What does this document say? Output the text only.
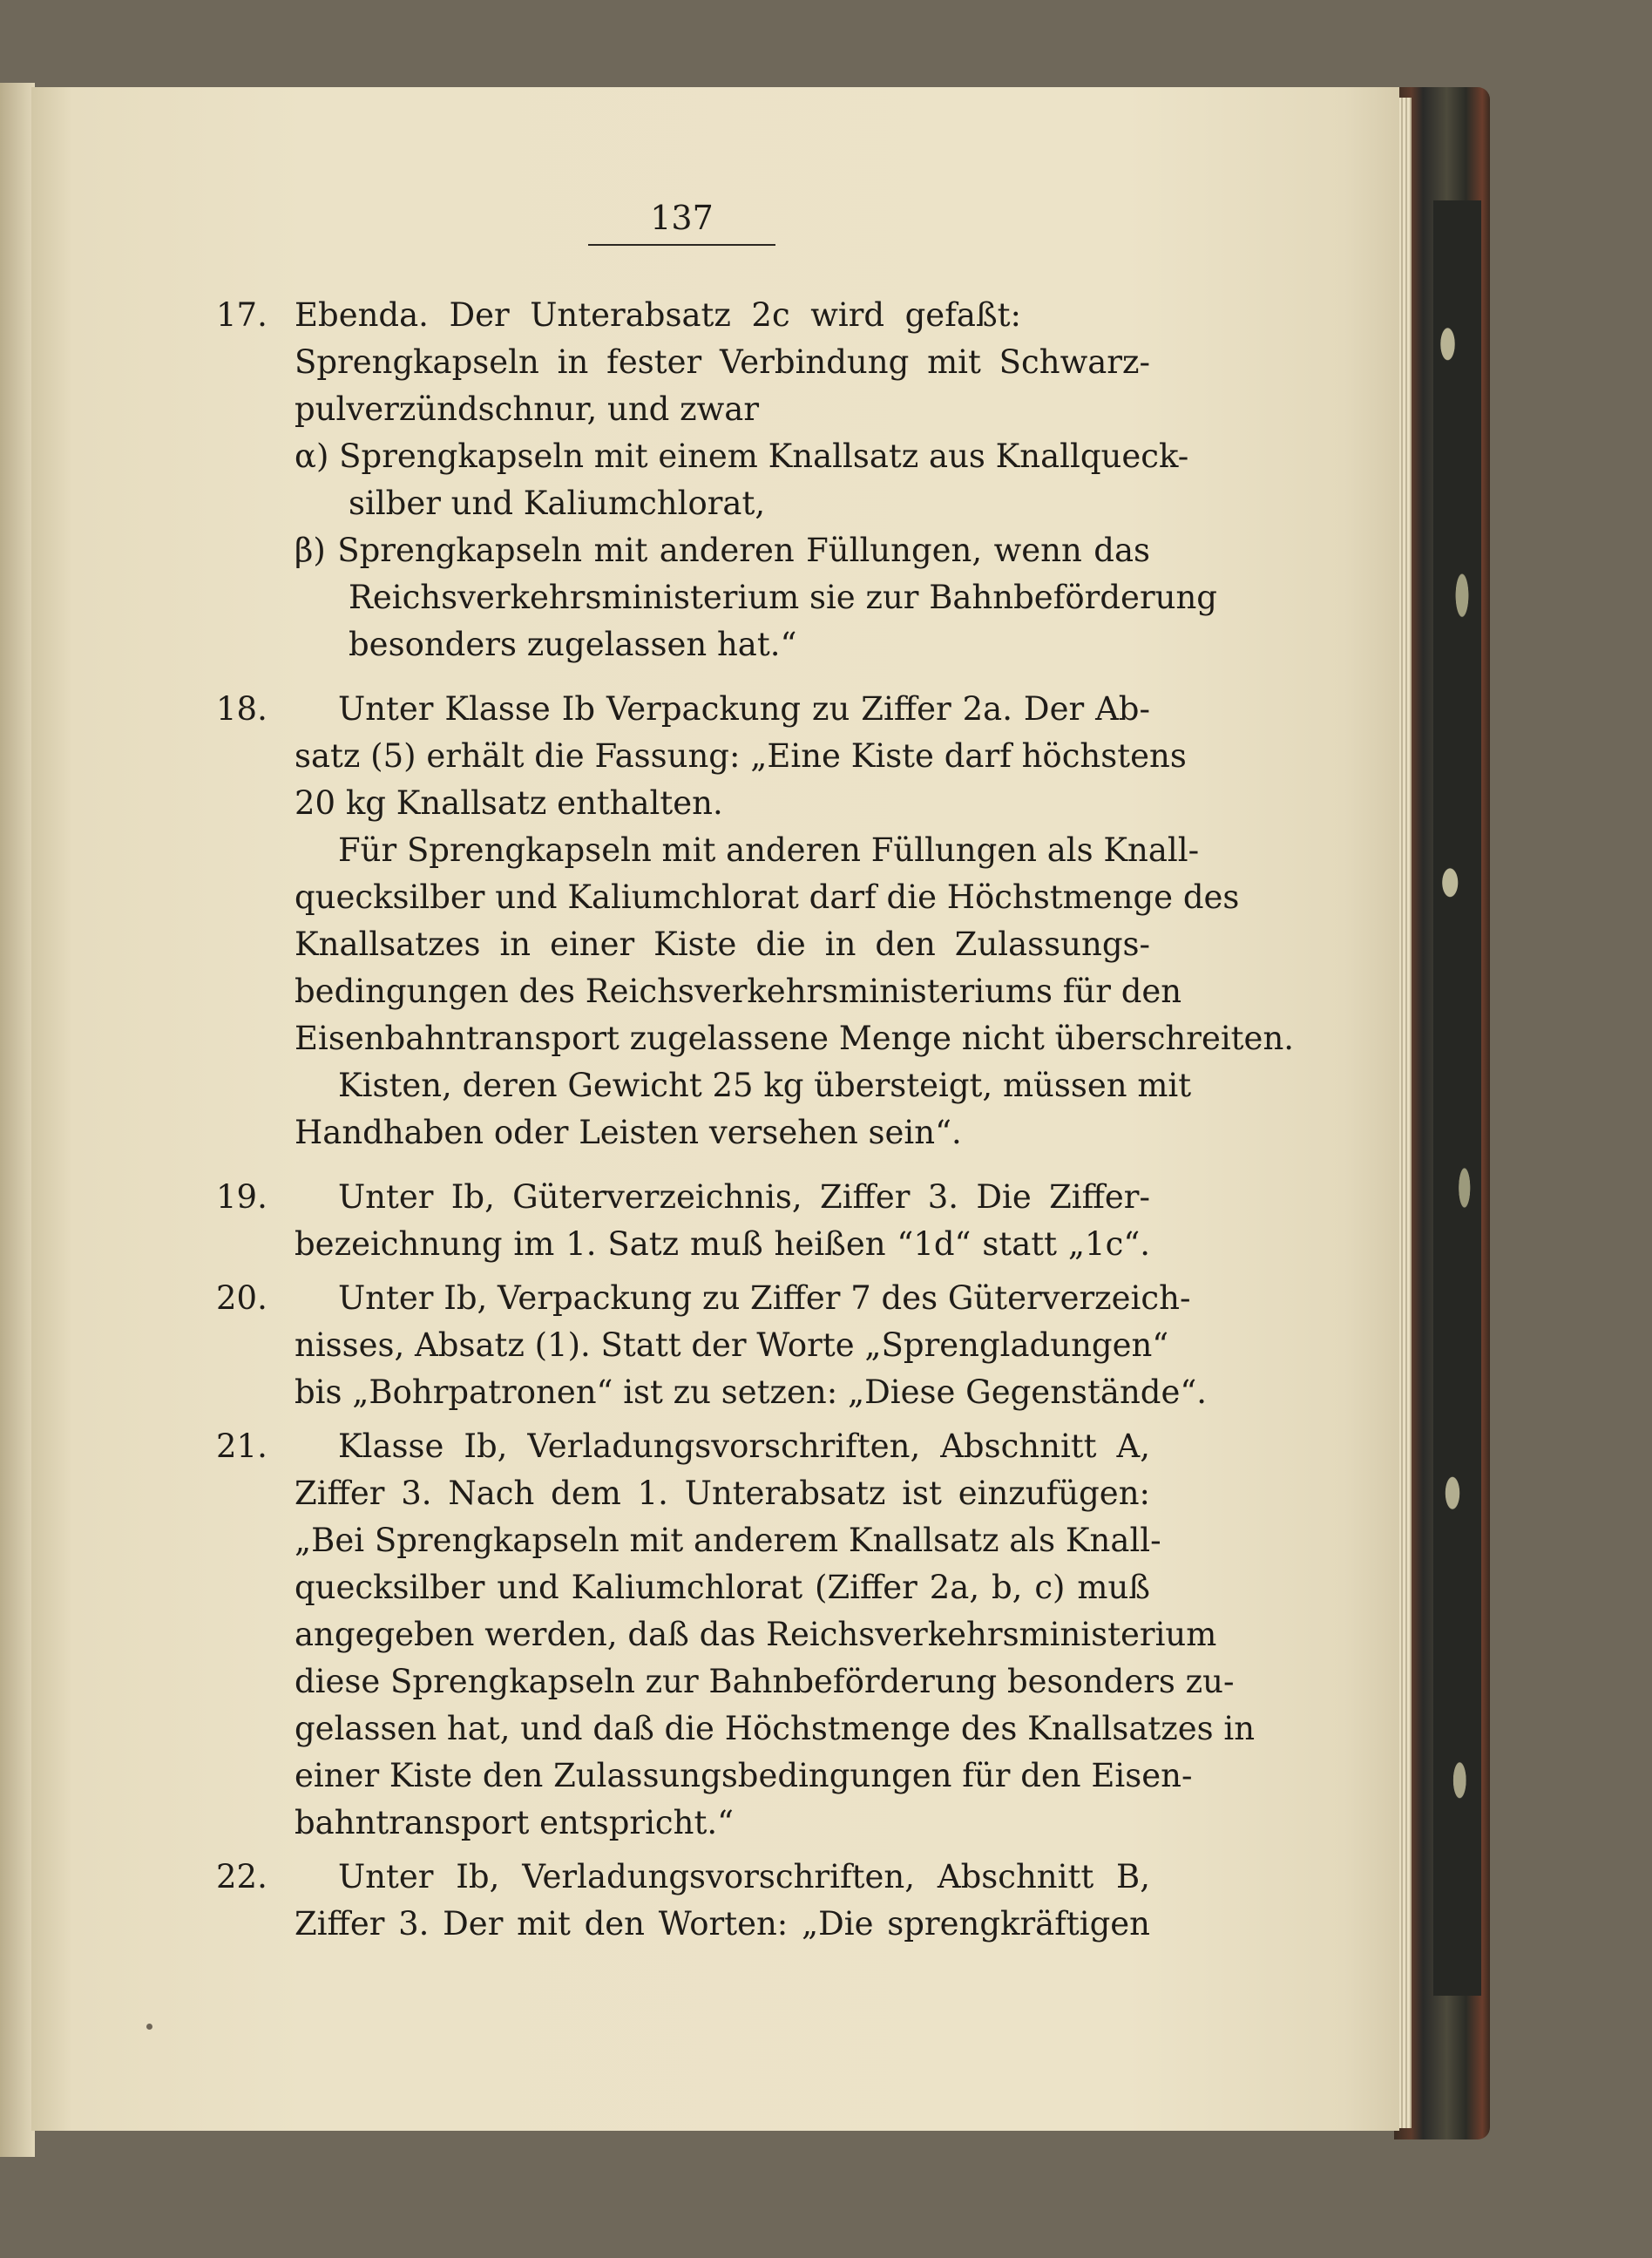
137

17. Ebenda. Der Unterabsatz 2c wird gefaßt:

Sprengkapseln in fester Verbindung mit Schwarz-

pulverzündschnur, und zwar

α) Sprengkapseln mit einem Knallsatz aus Knallqueck-

silber und Kaliumchlorat,

β) Sprengkapseln mit anderen Füllungen, wenn das

Reichsverkehrsministerium sie zur Bahnbeförderung

besonders zugelassen hat.“

18. Unter Klasse Ib Verpackung zu Ziffer 2a. Der Ab-

satz (5) erhält die Fassung: „Eine Kiste darf höchstens

20 kg Knallsatz enthalten.

Für Sprengkapseln mit anderen Füllungen als Knall-

quecksilber und Kaliumchlorat darf die Höchstmenge des

Knallsatzes in einer Kiste die in den Zulassungs-

bedingungen des Reichsverkehrsministeriums für den

Eisenbahntransport zugelassene Menge nicht überschreiten.

Kisten, deren Gewicht 25 kg übersteigt, müssen mit

Handhaben oder Leisten versehen sein“.

19. Unter Ib, Güterverzeichnis, Ziffer 3. Die Ziffer-

bezeichnung im 1. Satz muß heißen “1d“ statt „1c“.

20. Unter Ib, Verpackung zu Ziffer 7 des Güterverzeich-

nisses, Absatz (1). Statt der Worte „Sprengladungen“

bis „Bohrpatronen“ ist zu setzen: „Diese Gegenstände“.

21. Klasse Ib, Verladungsvorschriften, Abschnitt A,

Ziffer 3. Nach dem 1. Unterabsatz ist einzufügen:

„Bei Sprengkapseln mit anderem Knallsatz als Knall-

quecksilber und Kaliumchlorat (Ziffer 2a, b, c) muß

angegeben werden, daß das Reichsverkehrsministerium

diese Sprengkapseln zur Bahnbeförderung besonders zu-

gelassen hat, und daß die Höchstmenge des Knallsatzes in

einer Kiste den Zulassungsbedingungen für den Eisen-

bahntransport entspricht.“

22. Unter Ib, Verladungsvorschriften, Abschnitt B,

Ziffer 3. Der mit den Worten: „Die sprengkräftigen
